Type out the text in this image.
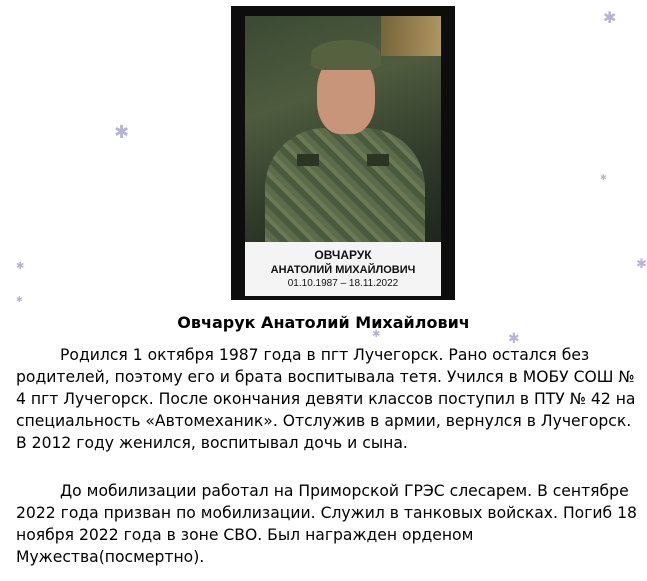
✱
✱
✱
✱
✱
✱
✱
✱
ОВЧАРУК
АНАТОЛИЙ МИХАЙЛОВИЧ
01.10.1987 – 18.11.2022
Овчарук Анатолий Михайлович

Родился 1 октября 1987 года в пгт Лучегорск. Рано остался без родителей, поэтому его и брата воспитывала тетя. Учился в МОБУ СОШ № 4 пгт Лучегорск. После окончания девяти классов поступил в ПТУ № 42 на специальность «Автомеханик». Отслужив в армии, вернулся в Лучегорск. В 2012 году женился, воспитывал дочь и сына.

До мобилизации работал на Приморской ГРЭС слесарем. В сентябре 2022 года призван по мобилизации. Служил в танковых войсках. Погиб 18 ноября 2022 года в зоне СВО. Был награжден орденом Мужества(посмертно).
